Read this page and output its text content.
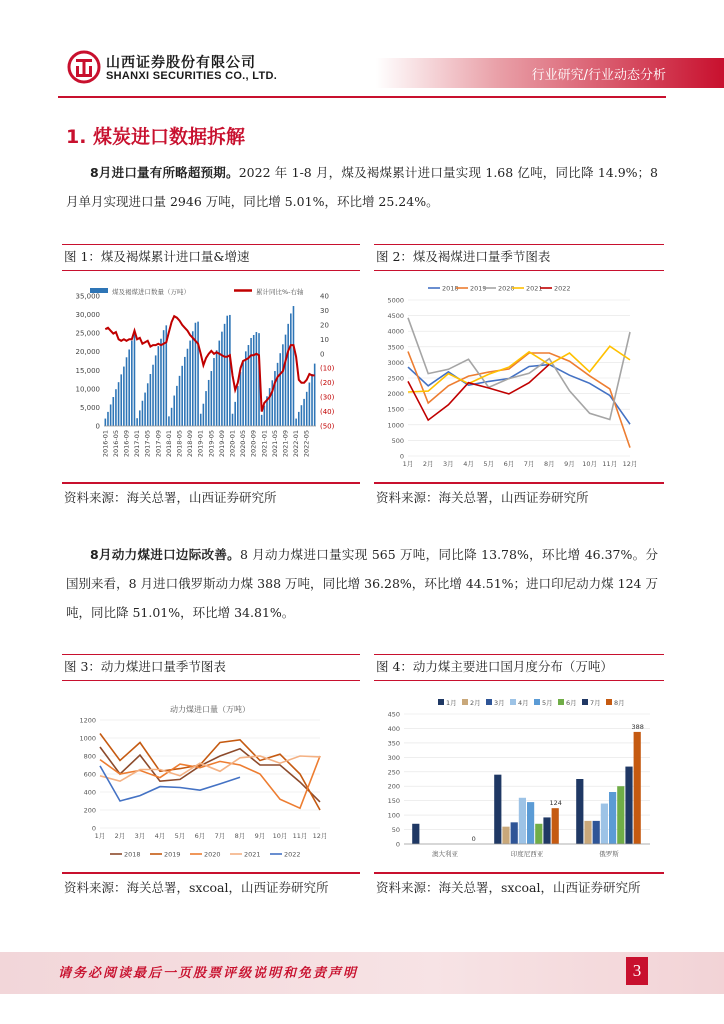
山西证券股份有限公司
SHANXI SECURITIES CO., LTD.	行业研究/行业动态分析
1. 煤炭进口数据拆解

8月进口量有所略超预期。2022 年 1-8 月，煤及褐煤累计进口量实现 1.68 亿吨，同比降 14.9%；8 月单月实现进口量 2946 万吨，同比增 5.01%，环比增 25.24%。

图 1：煤及褐煤累计进口量&增速
煤及褐煤进口数量（万吨）	累计同比%-右轴
35,000
30,000
25,000
20,000
15,000
10,000
5,000
0
40
30
20
10
0
(10)
(20)
(30)
(40)
(50)
2016-01 2016-05 2016-09 2017-01 2017-05 2017-09 2018-01 2018-05 2018-09 2019-01 2019-05 2019-09 2020-01 2020-05 2020-09 2021-01 2021-05 2021-09 2022-01 2022-05
资料来源：海关总署，山西证券研究所
图 2：煤及褐煤进口量季节图表
5000
4500
4000
3500
3000
2500
2000
1500
1000
500
0
1月 2月 3月 4月 5月 6月 7月 8月 9月 10月 11月 12月
2018 2019 2020 2021 2022
资料来源：海关总署，山西证券研究所

8月动力煤进口边际改善。8 月动力煤进口量实现 565 万吨，同比降 13.78%，环比增 46.37%。分国别来看，8 月进口俄罗斯动力煤 388 万吨，同比增 36.28%，环比增 44.51%；进口印尼动力煤 124 万吨，同比降 51.01%，环比增 34.81%。

图 3：动力煤进口量季节图表
1200
1000
800
600
400
200
0
动力煤进口量（万吨）
1月 2月 3月 4月 5月 6月 7月 8月 9月 10月 11月 12月
2018	2019	2020	2021	2022
资料来源：海关总署，sxcoal，山西证券研究所
图 4：动力煤主要进口国月度分布（万吨）
450
400
350
300
250
200
150
100
50
0
1月 2月 3月 4月 5月 6月 7月 8月
0
澳大利亚
124
印度尼西亚
388
俄罗斯
资料来源：海关总署，sxcoal，山西证券研究所
请务必阅读最后一页股票评级说明和免责声明	3
